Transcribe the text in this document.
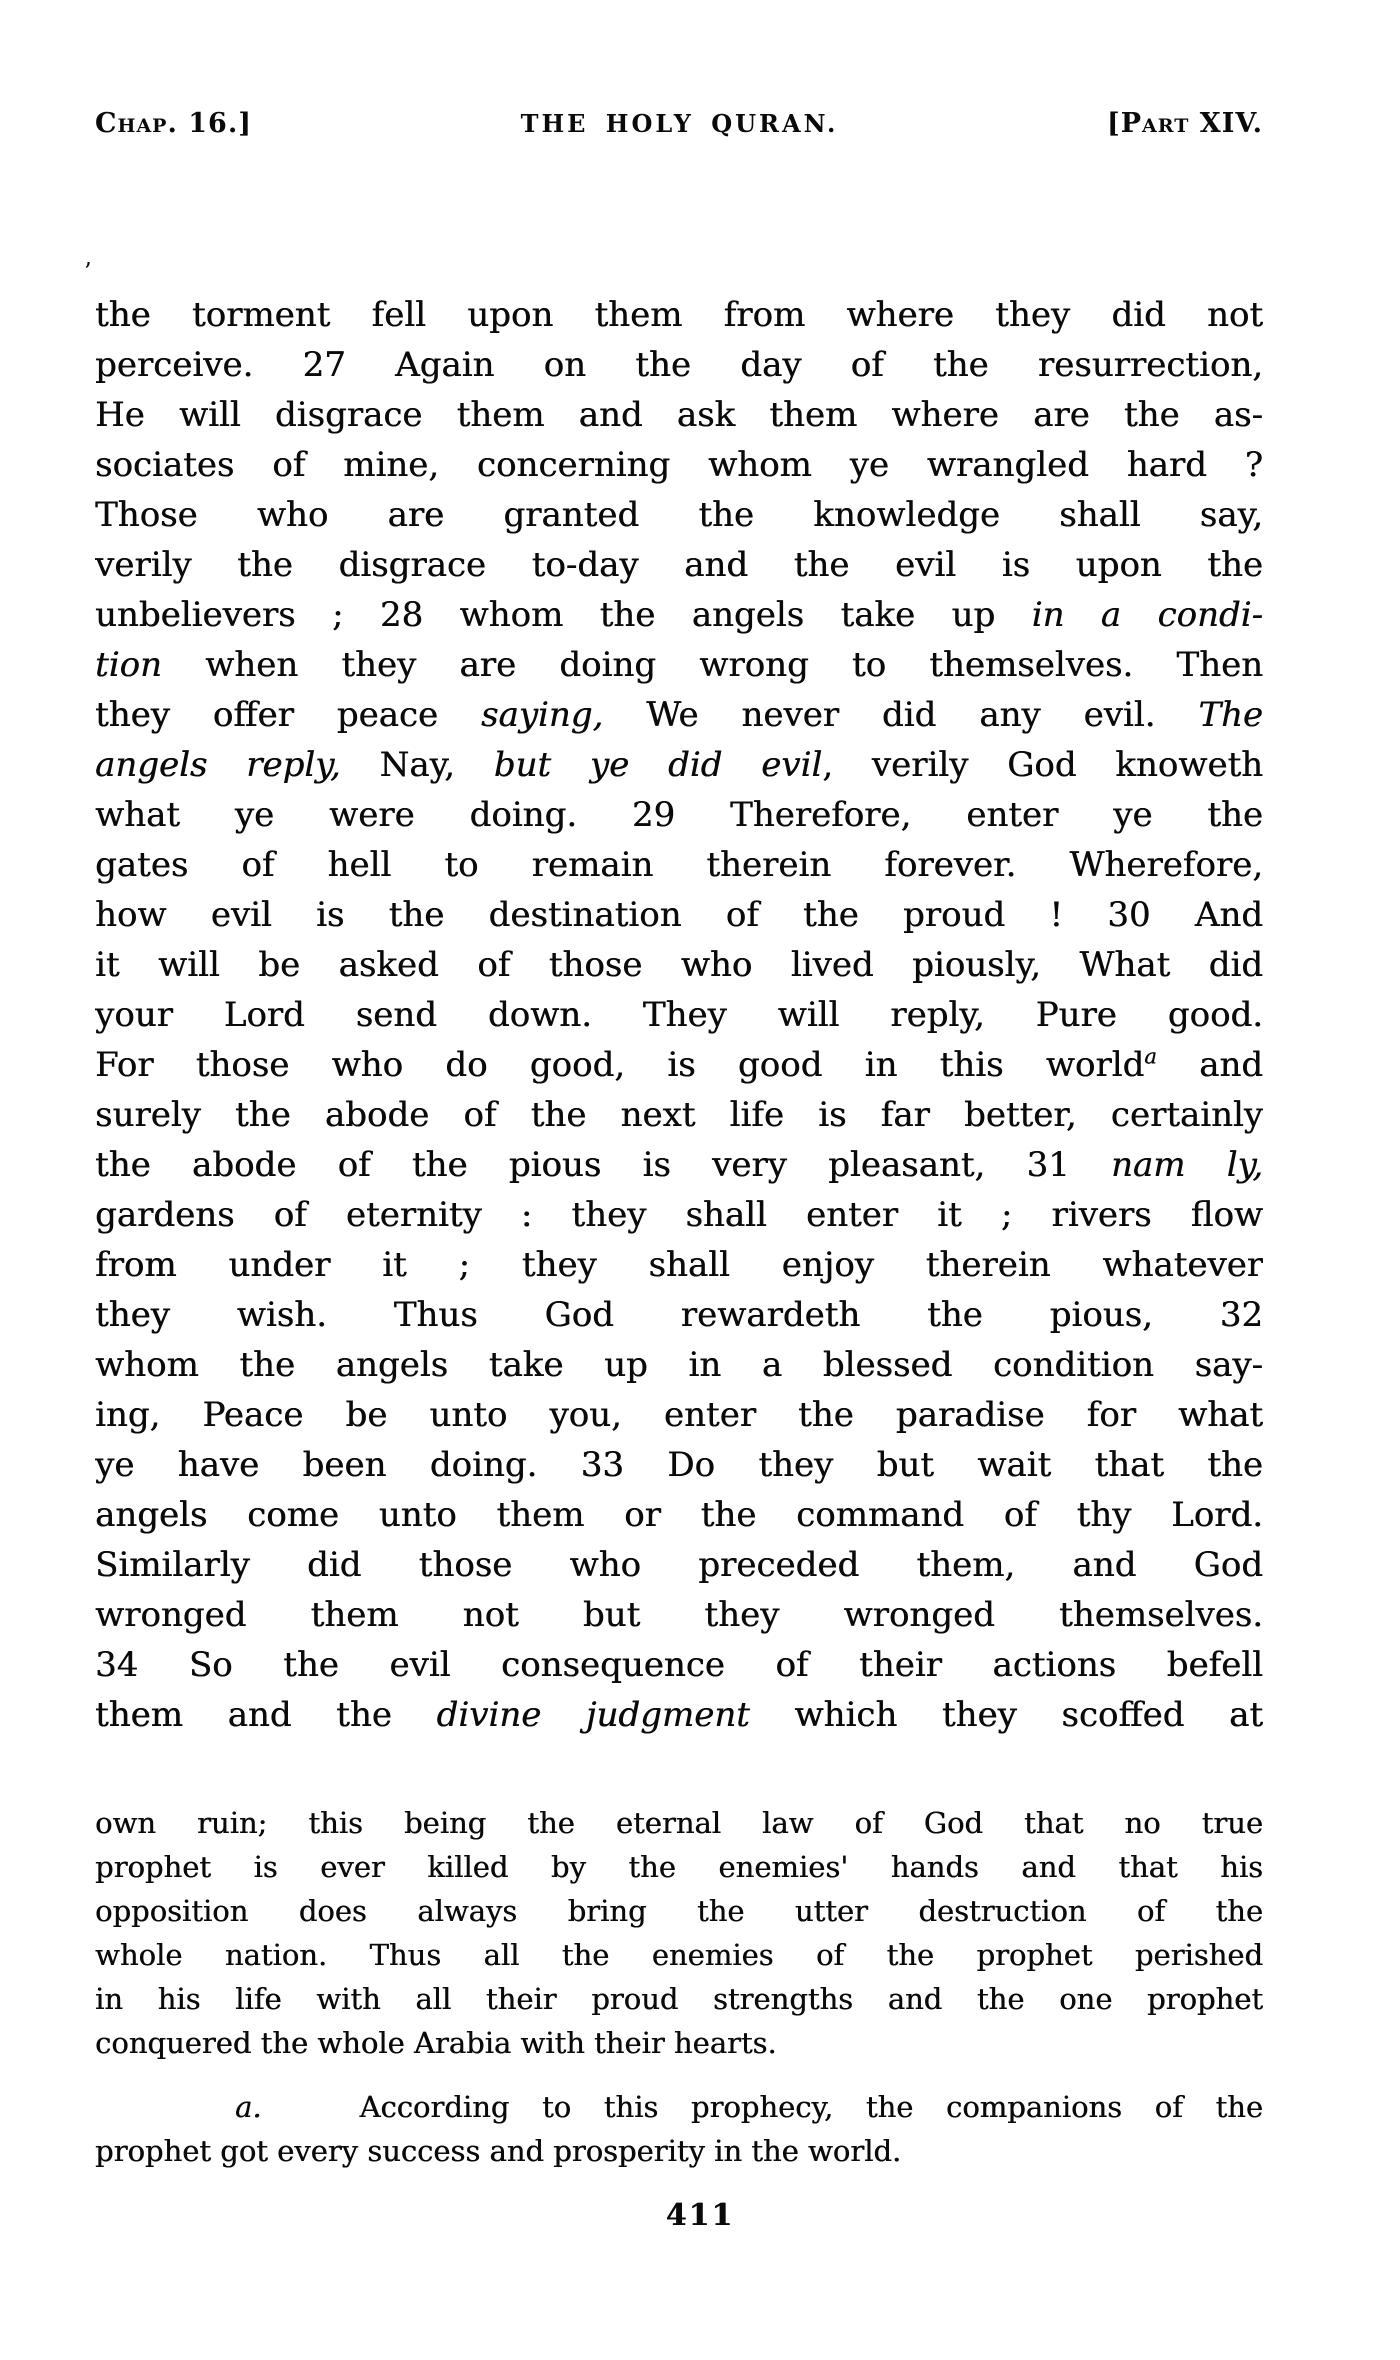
Chap. 16.]	THE HOLY QURAN.	[Part XIV.
’
the torment fell upon them from where they did not
perceive. 27 Again on the day of the resurrection,
He will disgrace them and ask them where are the as-
sociates of mine, concerning whom ye wrangled hard ?
Those who are granted the knowledge shall say,
verily the disgrace to-day and the evil is upon the
unbelievers ; 28 whom the angels take up in a condi-
tion when they are doing wrong to themselves. Then
they offer peace saying, We never did any evil. The
angels reply, Nay, but ye did evil, verily God knoweth
what ye were doing. 29 Therefore, enter ye the
gates of hell to remain therein forever. Wherefore,
how evil is the destination of the proud ! 30 And
it will be asked of those who lived piously, What did
your Lord send down. They will reply, Pure good.
For those who do good, is good in this world$^a$ and
surely the abode of the next life is far better, certainly
the abode of the pious is very pleasant, 31 nam ly,
gardens of eternity : they shall enter it ; rivers flow
from under it ; they shall enjoy therein whatever
they wish. Thus God rewardeth the pious, 32
whom the angels take up in a blessed condition say-
ing, Peace be unto you, enter the paradise for what
ye have been doing. 33 Do they but wait that the
angels come unto them or the command of thy Lord.
Similarly did those who preceded them, and God
wronged them not but they wronged themselves.
34 So the evil consequence of their actions befell
them and the divine judgment which they scoffed at
own ruin; this being the eternal law of God that no true
prophet is ever killed by the enemies' hands and that his
opposition does always bring the utter destruction of the
whole nation. Thus all the enemies of the prophet perished
in his life with all their proud strengths and the one prophet
conquered the whole Arabia with their hearts.
a.   According to this prophecy, the companions of the
prophet got every success and prosperity in the world.
411
